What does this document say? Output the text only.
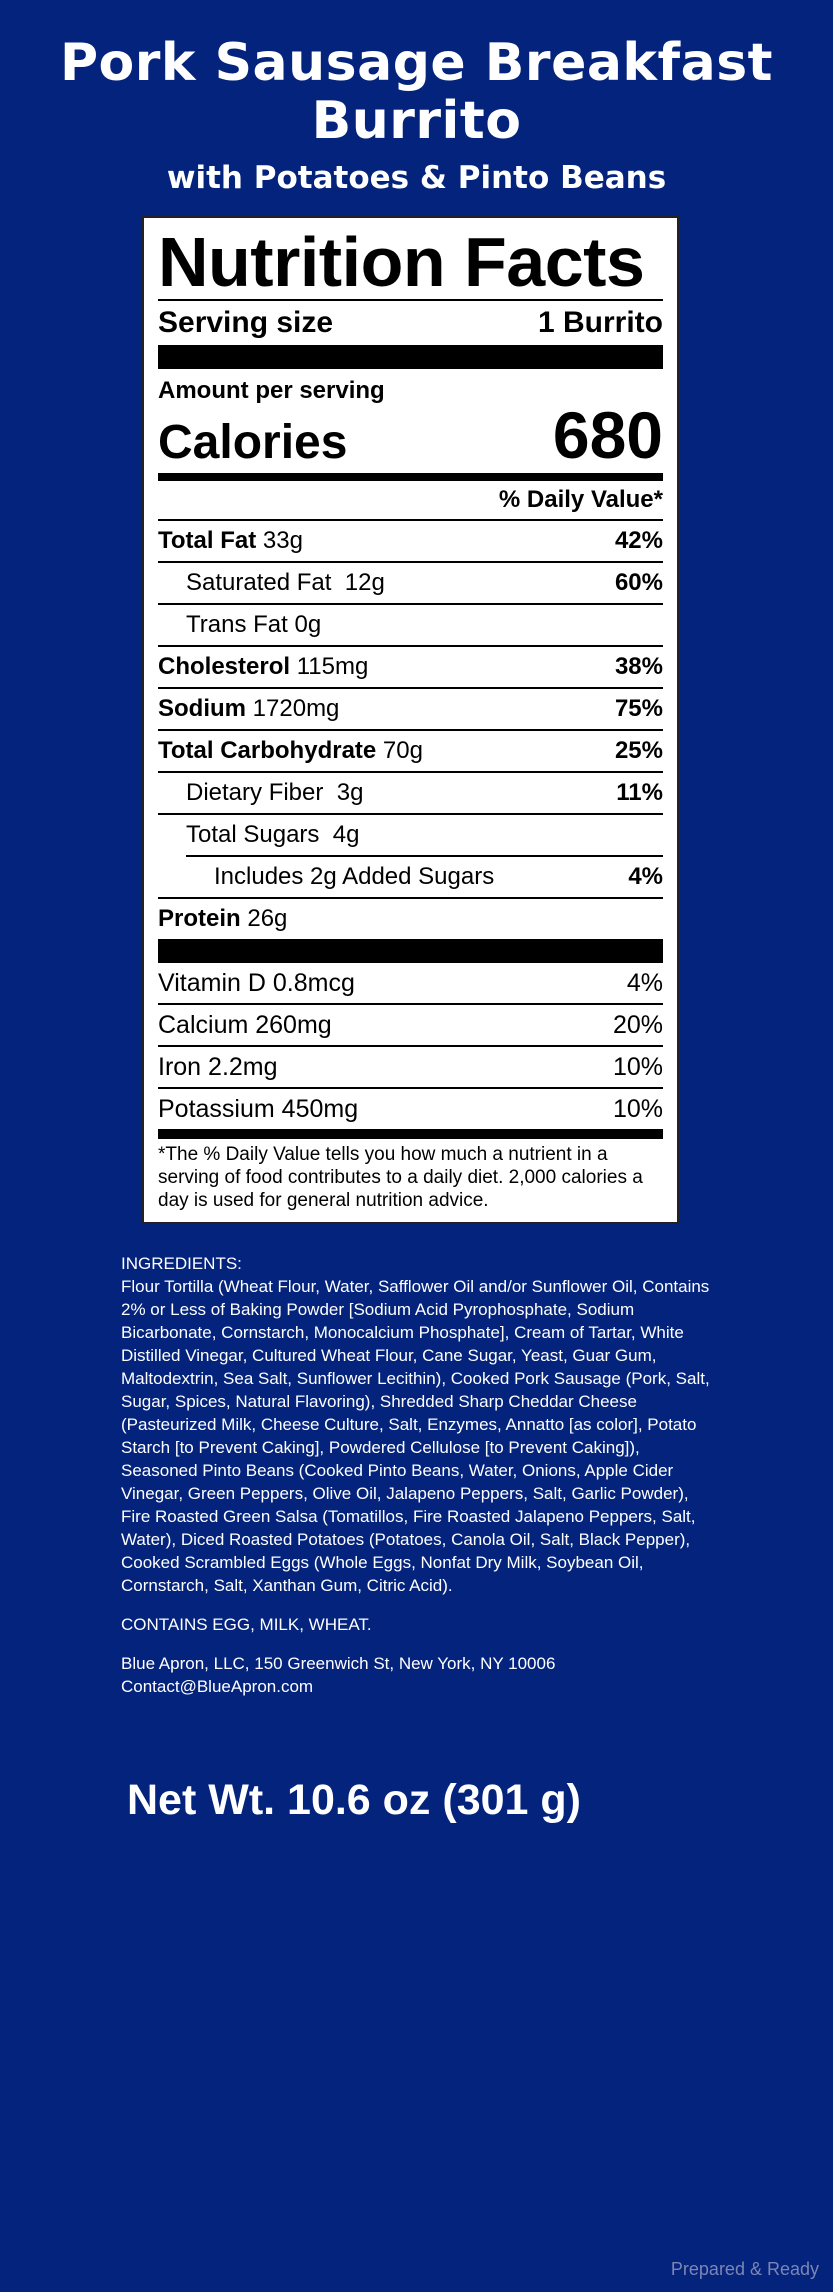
Pork Sausage Breakfast Burrito
with Potatoes & Pinto Beans
Nutrition Facts
Serving size	1 Burrito
Amount per serving
Calories	680
% Daily Value*
Total Fat 33g	42%
Saturated Fat 12g	60%
Trans Fat 0g
Cholesterol 115mg	38%
Sodium 1720mg	75%
Total Carbohydrate 70g	25%
Dietary Fiber 3g	11%
Total Sugars 4g
Includes 2g Added Sugars	4%
Protein 26g
Vitamin D 0.8mcg	4%
Calcium 260mg	20%
Iron 2.2mg	10%
Potassium 450mg	10%
*The % Daily Value tells you how much a nutrient in a serving of food contributes to a daily diet. 2,000 calories a day is used for general nutrition advice.

INGREDIENTS:

Flour Tortilla (Wheat Flour, Water, Safflower Oil and/or Sunflower Oil, Contains 2% or Less of Baking Powder [Sodium Acid Pyrophosphate, Sodium Bicarbonate, Cornstarch, Monocalcium Phosphate], Cream of Tartar, White Distilled Vinegar, Cultured Wheat Flour, Cane Sugar, Yeast, Guar Gum, Maltodextrin, Sea Salt, Sunflower Lecithin), Cooked Pork Sausage (Pork, Salt, Sugar, Spices, Natural Flavoring), Shredded Sharp Cheddar Cheese (Pasteurized Milk, Cheese Culture, Salt, Enzymes, Annatto [as color], Potato Starch [to Prevent Caking], Powdered Cellulose [to Prevent Caking]), Seasoned Pinto Beans (Cooked Pinto Beans, Water, Onions, Apple Cider Vinegar, Green Peppers, Olive Oil, Jalapeno Peppers, Salt, Garlic Powder), Fire Roasted Green Salsa (Tomatillos, Fire Roasted Jalapeno Peppers, Salt, Water), Diced Roasted Potatoes (Potatoes, Canola Oil, Salt, Black Pepper), Cooked Scrambled Eggs (Whole Eggs, Nonfat Dry Milk, Soybean Oil, Cornstarch, Salt, Xanthan Gum, Citric Acid).

CONTAINS EGG, MILK, WHEAT.

Blue Apron, LLC, 150 Greenwich St, New York, NY 10006

Contact@BlueApron.com

Net Wt. 10.6 oz (301 g)
Prepared & Ready
